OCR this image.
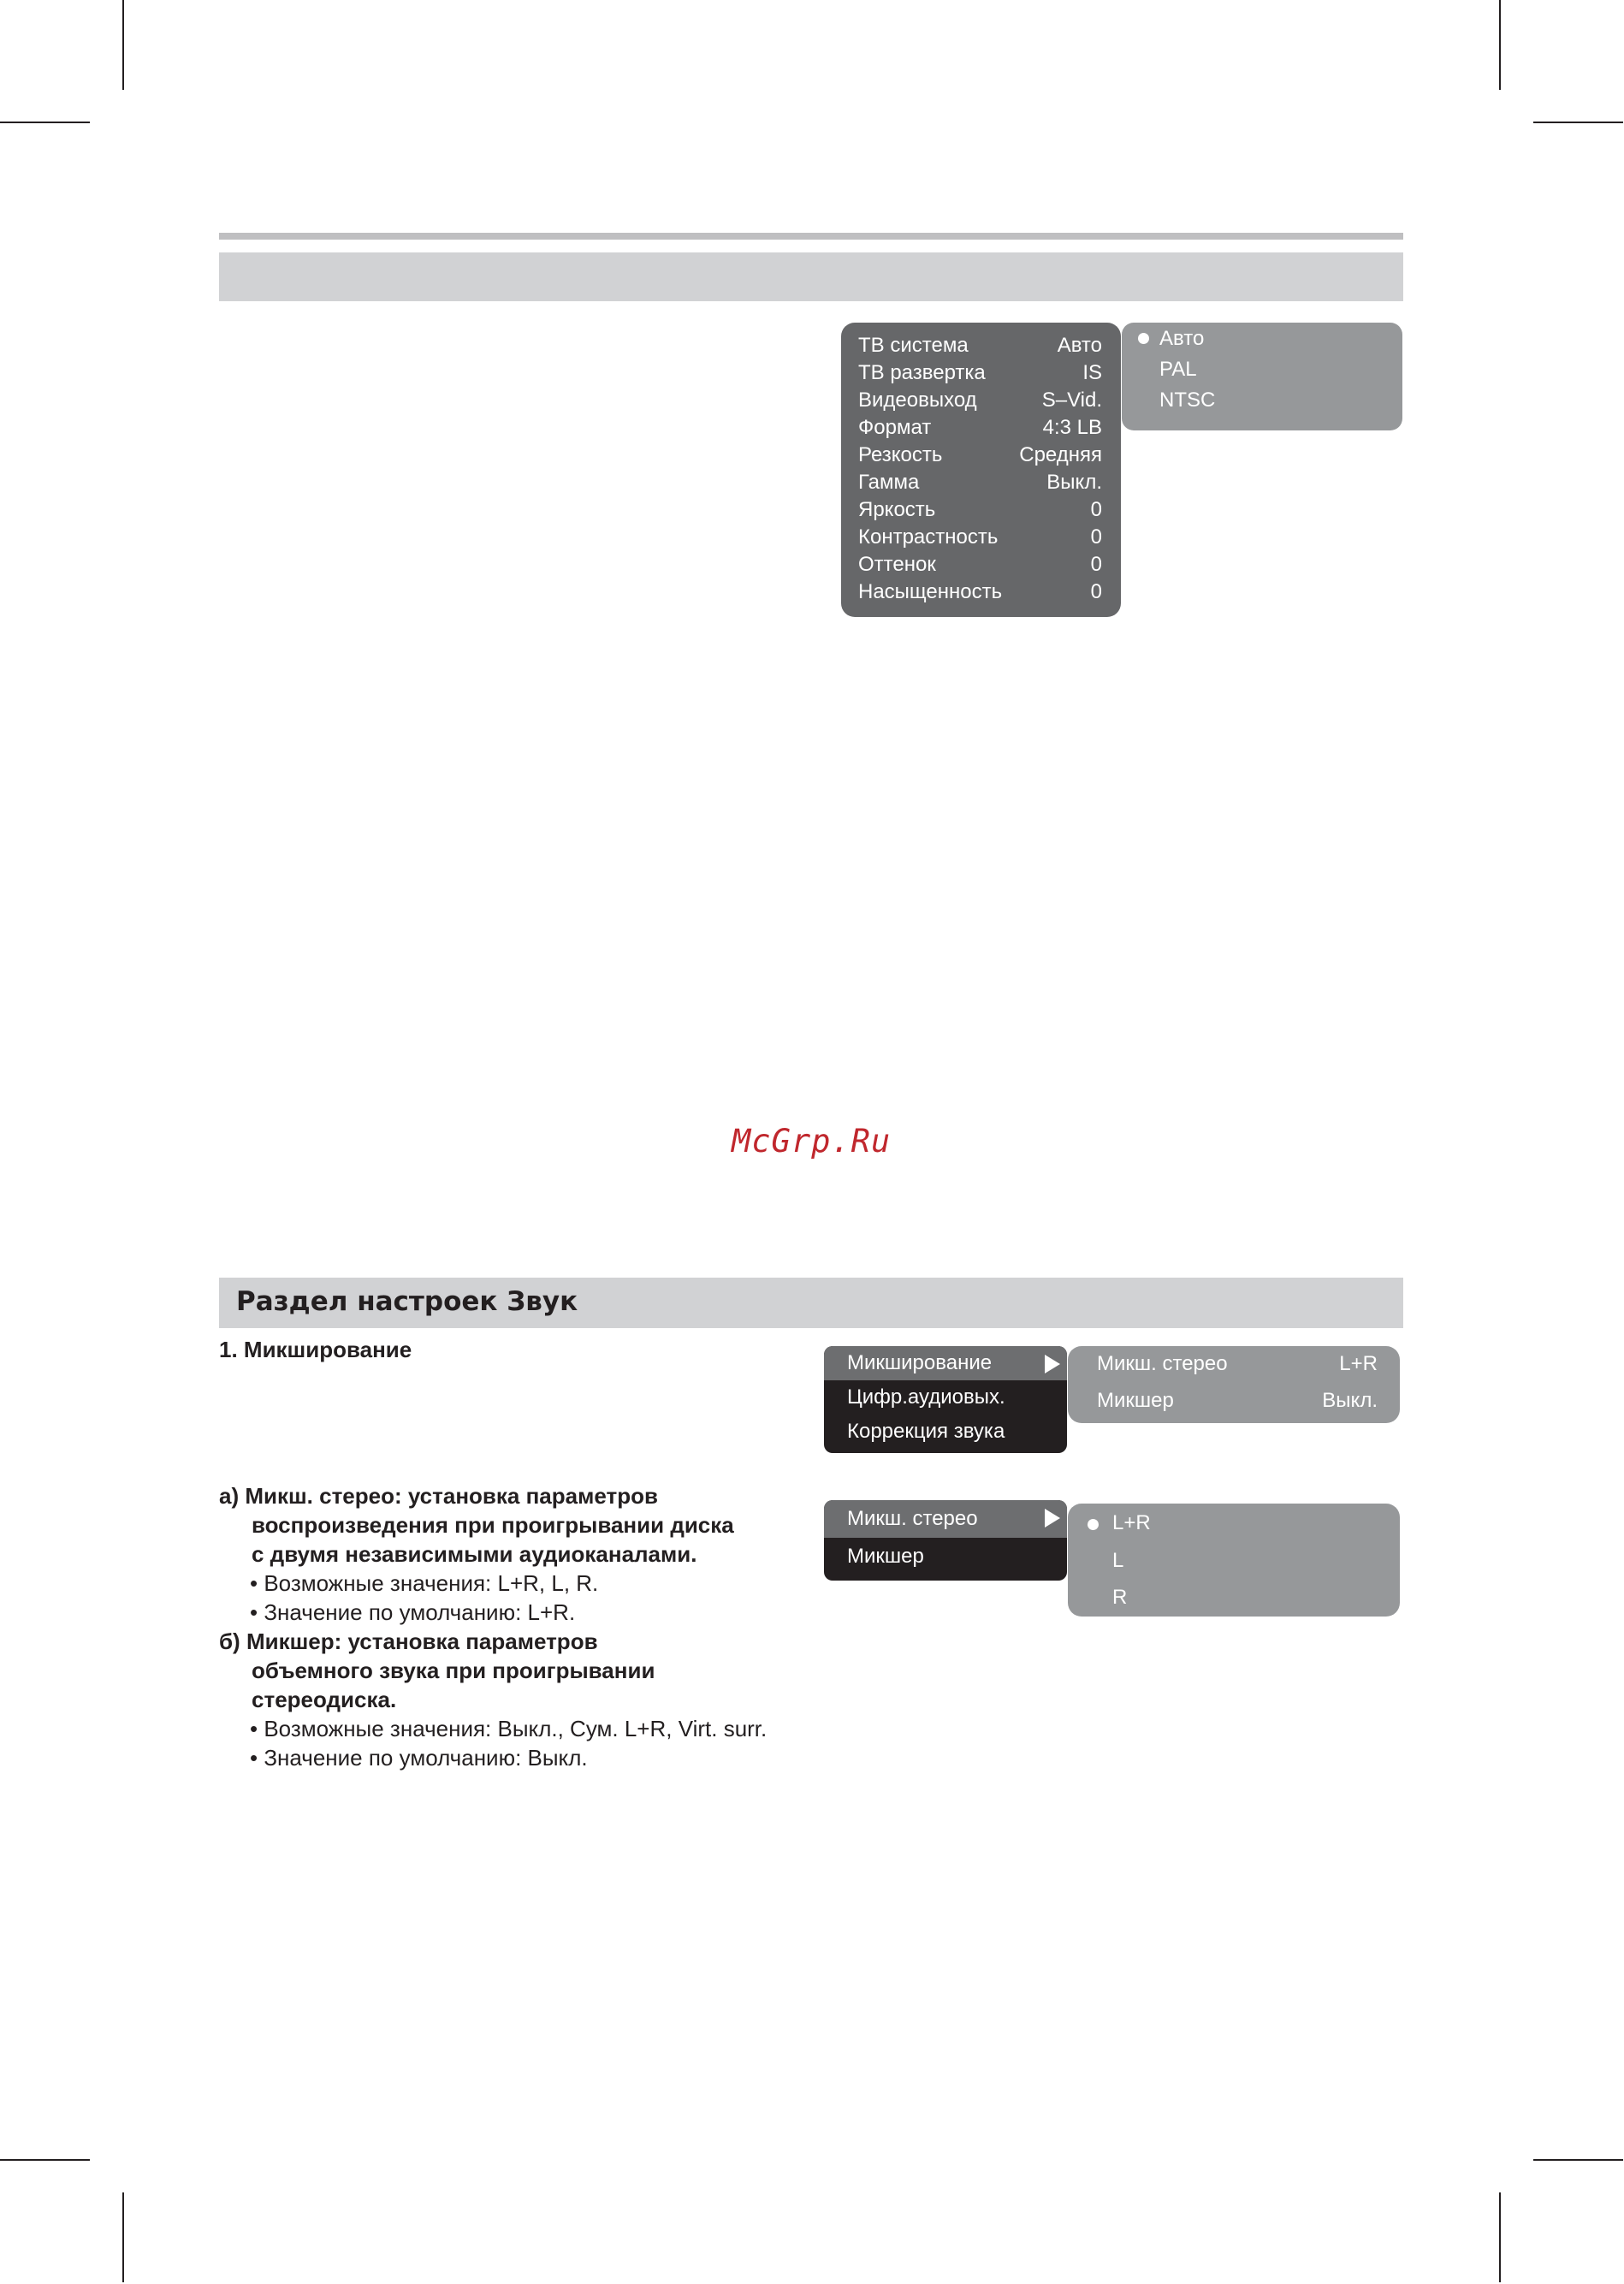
ТВ система	Авто
ТВ развертка	IS
Видеовыход	S–Vid.
Формат	4:3 LB
Резкость	Средняя
Гамма	Выкл.
Яркость	0
Контрастность	0
Оттенок	0
Насыщенность	0
Авто
PAL
NTSC
McGrp.Ru
Раздел настроек Звук
1. Микширование
Микширование
Цифр.аудиовых.
Коррекция звука
Микш. стерео	L+R
Микшер	Выкл.
Микш. стерео
Микшер
L+R
L
R
а) Микш. стерео: установка параметров
воспроизведения при проигрывании диска
с двумя независимыми аудиоканалами.
• Возможные значения: L+R, L, R.
• Значение по умолчанию: L+R.
б) Микшер: установка параметров
объемного звука при проигрывании
стереодиска.
• Возможные значения: Выкл., Сум. L+R, Virt. surr.
• Значение по умолчанию: Выкл.
